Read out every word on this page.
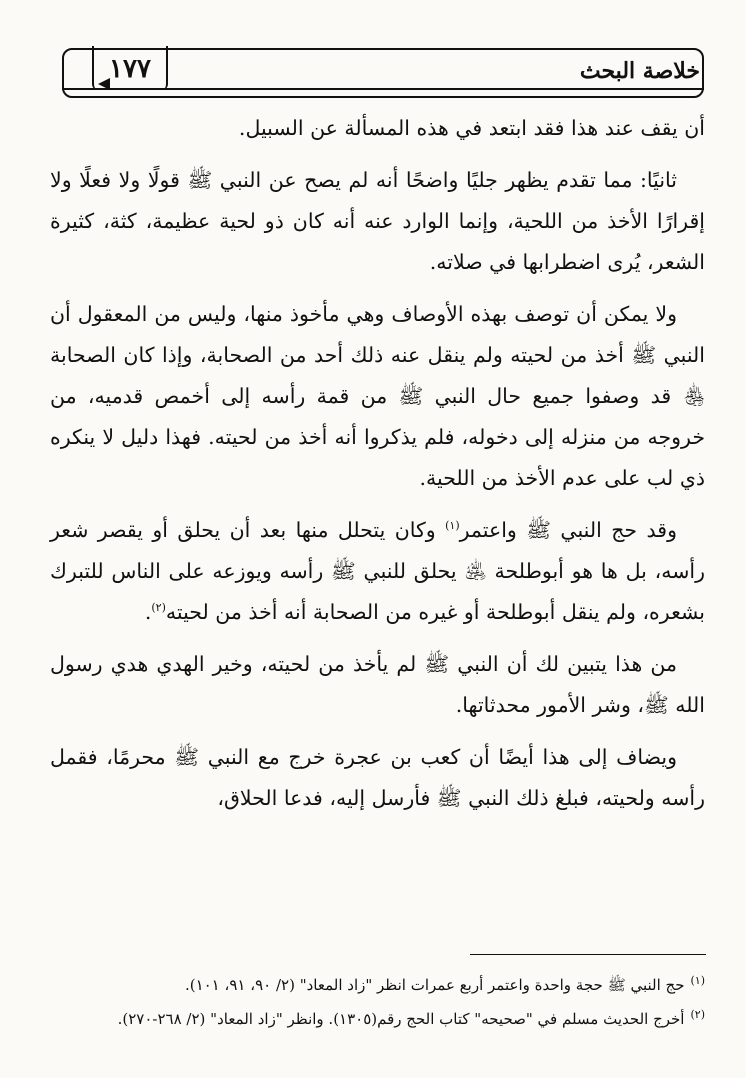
١٧٧	خلاصة البحث

أن يقف عند هذا فقد ابتعد في هذه المسألة عن السبيل.

ثانيًا: مما تقدم يظهر جليًا واضحًا أنه لم يصح عن النبي ﷺ قولًا ولا فعلًا ولا إقرارًا الأخذ من اللحية، وإنما الوارد عنه أنه كان ذو لحية عظيمة، كثة، كثيرة الشعر، يُرى اضطرابها في صلاته.

ولا يمكن أن توصف بهذه الأوصاف وهي مأخوذ منها، وليس من المعقول أن النبي ﷺ أخذ من لحيته ولم ينقل عنه ذلك أحد من الصحابة، وإذا كان الصحابة ﵃ قد وصفوا جميع حال النبي ﷺ من قمة رأسه إلى أخمص قدميه، من خروجه من منزله إلى دخوله، فلم يذكروا أنه أخذ من لحيته. فهذا دليل لا ينكره ذي لب على عدم الأخذ من اللحية.

وقد حج النبي ﷺ واعتمر$^{(١)}$ وكان يتحلل منها بعد أن يحلق أو يقصر شعر رأسه، بل ها هو أبوطلحة ﵁ يحلق للنبي ﷺ رأسه ويوزعه على الناس للتبرك بشعره، ولم ينقل أبوطلحة أو غيره من الصحابة أنه أخذ من لحيته$^{(٢)}$.

من هذا يتبين لك أن النبي ﷺ لم يأخذ من لحيته، وخير الهدي هدي رسول الله ﷺ، وشر الأمور محدثاتها.

ويضاف إلى هذا أيضًا أن كعب بن عجرة خرج مع النبي ﷺ محرمًا، فقمل رأسه ولحيته، فبلغ ذلك النبي ﷺ فأرسل إليه، فدعا الحلاق،

$^{(١)}$حج النبي ﷺ حجة واحدة واعتمر أربع عمرات انظر "زاد المعاد" (٢/ ٩٠، ٩١، ١٠١).

$^{(٢)}$أخرج الحديث مسلم في "صحيحه" كتاب الحج رقم(١٣٠٥). وانظر "زاد المعاد" (٢/ ٢٦٨-٢٧٠).
